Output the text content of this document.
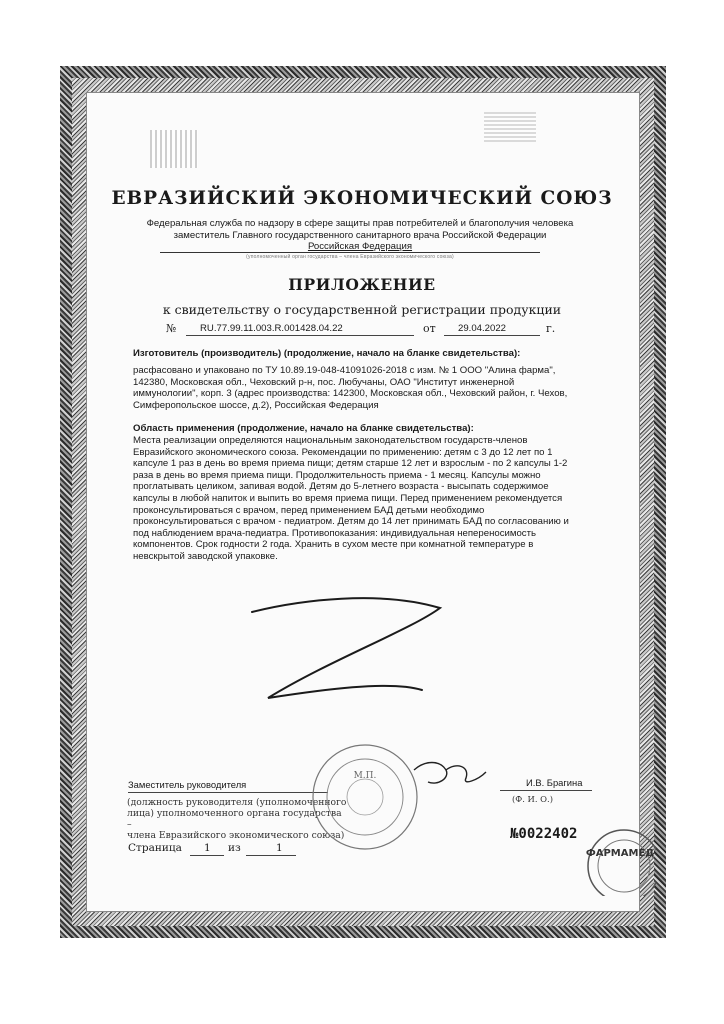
ЕВРАЗИЙСКИЙ ЭКОНОМИЧЕСКИЙ СОЮЗ
Федеральная служба по надзору в сфере защиты прав потребителей и благополучия человека
заместитель Главного государственного санитарного врача Российской Федерации
Российская Федерация
(уполномоченный орган государства – члена Евразийского экономического союза)
ПРИЛОЖЕНИЕ
к свидетельству о государственной регистрации продукции
№ RU.77.99.11.003.R.001428.04.22	от 29.04.2022	г.
Изготовитель (производитель) (продолжение, начало на бланке свидетельства):
расфасовано и упаковано по ТУ 10.89.19-048-41091026-2018 с изм. № 1 ООО "Алина фарма",
142380, Московская обл., Чеховский р-н, пос. Любучаны, ОАО "Институт инженерной
иммунологии", корп. 3 (адрес производства: 142300, Московская обл., Чеховский район, г. Чехов,
Симферопольское шоссе, д.2), Российская Федерация
Область применения (продолжение, начало на бланке свидетельства):
Места реализации определяются национальным законодательством государств-членов
Евразийского экономического союза. Рекомендации по применению: детям с 3 до 12 лет по 1
капсуле 1 раз в день во время приема пищи; детям старше 12 лет и взрослым - по 2 капсулы 1-2
раза в день во время приема пищи. Продолжительность приема - 1 месяц. Капсулы можно
проглатывать целиком, запивая водой. Детям до 5-летнего возраста - высыпать содержимое
капсулы в любой напиток и выпить во время приема пищи. Перед применением рекомендуется
проконсультироваться с врачом, перед применением БАД детьми необходимо
проконсультироваться с врачом - педиатром. Детям до 14 лет принимать БАД по согласованию и
под наблюдением врача-педиатра. Противопоказания: индивидуальная непереносимость
компонентов. Срок годности 2 года. Хранить в сухом месте при комнатной температуре в
невскрытой заводской упаковке.
Заместитель руководителя	И.В. Брагина
(должность руководителя (уполномоченного
лица) уполномоченного органа государства –
члена Евразийского экономического союза)
(Ф. И. О.)
№0022402
Страница 1 из	1
М.П.
ФАРМАМЕД
